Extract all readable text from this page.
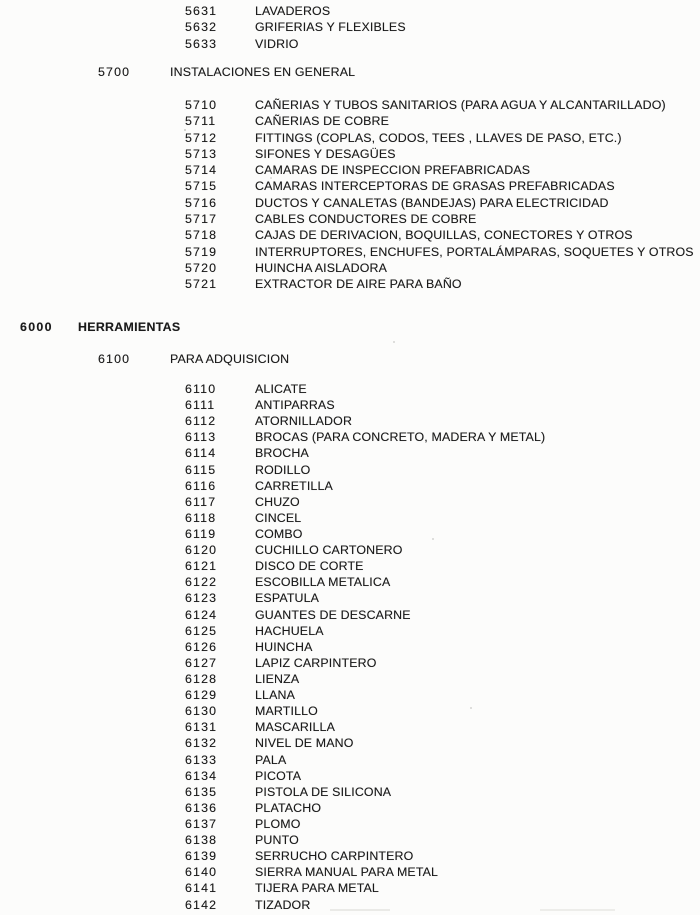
5631	LAVADEROS
5632	GRIFERIAS Y FLEXIBLES
5633	VIDRIO
5700	INSTALACIONES EN GENERAL
5710	CAÑERIAS Y TUBOS SANITARIOS (PARA AGUA Y ALCANTARILLADO)
5711	CAÑERIAS DE COBRE
5712	FITTINGS (COPLAS, CODOS, TEES , LLAVES DE PASO, ETC.)
5713	SIFONES Y DESAGÜES
5714	CAMARAS DE INSPECCION PREFABRICADAS
5715	CAMARAS INTERCEPTORAS DE GRASAS PREFABRICADAS
5716	DUCTOS Y CANALETAS (BANDEJAS) PARA ELECTRICIDAD
5717	CABLES CONDUCTORES DE COBRE
5718	CAJAS DE DERIVACION, BOQUILLAS, CONECTORES Y OTROS
5719	INTERRUPTORES, ENCHUFES, PORTALÁMPARAS, SOQUETES Y OTROS
5720	HUINCHA AISLADORA
5721	EXTRACTOR DE AIRE PARA BAÑO
6000 HERRAMIENTAS
6100	PARA ADQUISICION
6110	ALICATE
6111	ANTIPARRAS
6112	ATORNILLADOR
6113	BROCAS (PARA CONCRETO, MADERA Y METAL)
6114	BROCHA
6115	RODILLO
6116	CARRETILLA
6117	CHUZO
6118	CINCEL
6119	COMBO
6120	CUCHILLO CARTONERO
6121	DISCO DE CORTE
6122	ESCOBILLA METALICA
6123	ESPATULA
6124	GUANTES DE DESCARNE
6125	HACHUELA
6126	HUINCHA
6127	LAPIZ CARPINTERO
6128	LIENZA
6129	LLANA
6130	MARTILLO
6131	MASCARILLA
6132	NIVEL DE MANO
6133	PALA
6134	PICOTA
6135	PISTOLA DE SILICONA
6136	PLATACHO
6137	PLOMO
6138	PUNTO
6139	SERRUCHO CARPINTERO
6140	SIERRA MANUAL PARA METAL
6141	TIJERA PARA METAL
6142	TIZADOR
